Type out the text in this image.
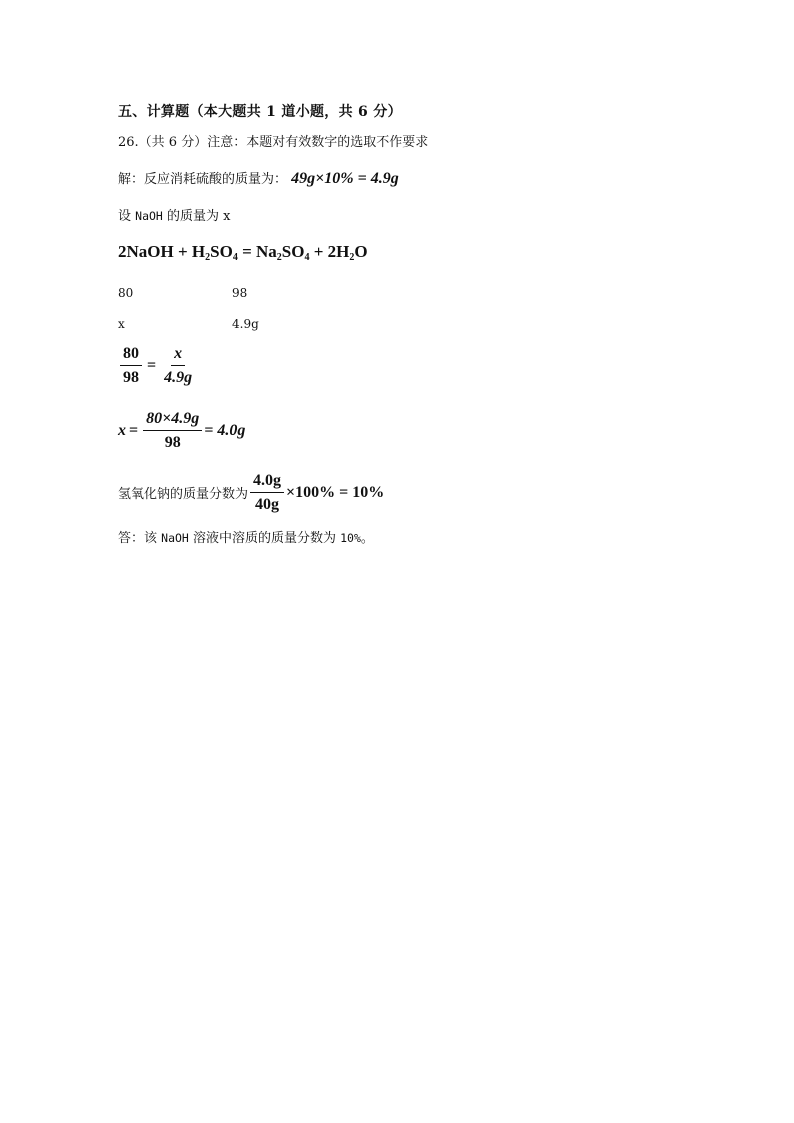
五、计算题（本大题共 1 道小题，共 6 分）
26.（共 6 分）注意：本题对有效数字的选取不作要求
解：反应消耗硫酸的质量为： 49g×10% = 4.9g
设 NaOH 的质量为 x
2NaOH + $H_2SO_4 = Na_2SO_4 + 2H_2O$
80	98
x	4.9g
$\frac{80}{98} = \frac{x}{4.9g}$
$x = \frac{80\times 4.9g}{98} = 4.0g$
氢氧化钠的质量分数为 $\frac{4.0g}{40g} \times 100\% = 10\%$
答：该 NaOH 溶液中溶质的质量分数为 10%。
